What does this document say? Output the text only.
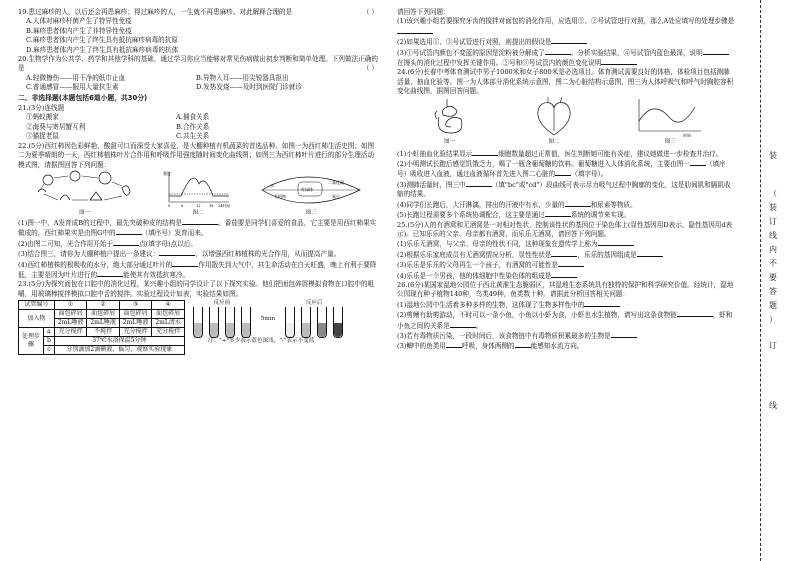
19.患过麻疹的人，以后还会再患麻疹；得过麻疹的人，一生就不再患麻疹。对此解释合理的是	（ ）

A.人体对麻疹杆菌产生了特异性免疫

B.麻疹患者体内产生了非特异性免疫

C.麻疹患者体内产生了终生具有抵抗麻疹病毒的抗原

D.麻疹患者体内产生了终生具有抵抗麻疹病毒的抗体

20.生物学作为公共学、药学和其他学科的基础，通过学习你应当能够对常见伤病做出初步判断和简单处理。下列做法正确的是	（ ）

A.轻微擦伤——用干净的纸巾止血	B.异物入耳——用尖锐器具抠出

C.普通感冒——服用大量抗生素	D.发热发烧——及时到医院门诊就诊

二、非选择题(本题包括6道小题，共30分)

21.(3分)连线题

①蚂蚁搬家
②海葵与寄居蟹互利
③猫捉老鼠
A.捕食关系
B.合作关系
C.共生关系

22.(5分)西红柿因色彩鲜艳、酸甜可口而深受大家喜爱，是大棚种植有机蔬菜的首选品种。如图一为西红柿生活史图；如图二为夏季晴朗的一天，西红柿植株叶片合作用和呼吸作用强度随时间变化曲线图；如图三为西红柿叶片进行的部分生理活动模式图，请据图回答下列问题：

图一
强度
0	6	12 18 24时间
图二
水
叶绿体
二氧化碳
有机物	氧气
图三

(1)图一中，A发育成B的过程中，最先突破种皮的结构是	。番茄要是同学们喜爱的食品，它主要是用西红柿果实做成的，西红柿果实是由图G中的	（填序号）发育而来。

(2)由图二可知，光合作用开始于	点(填字母)点以后。

(3)结合图三，请你为大棚种植户提出一条建议：	，以增强西红柿植株的光合作用，从而提高产量。

(4)西红柿植株的根吸收的水分，绝大部分通过叶片的	作用散失到大气中，其生命活动在白天旺盛，晚上有利于要降低，主要是因为叶片进行的	能使其有效抵抗寒冷。

23.(5分)为探究面包在口腔中的消化过程，某兴趣小组的同学设计了以下探究实验。他们把面包碎屑模拟食物在口腔中的咀嚼，用玻璃棒搅拌模拟口腔中舌的搅拌。实验过程设计如表，实验结果如图。

试管编号		①	②	③	④
加入物		面包碎屑	面包碎屑	面包碎屑	面包碎屑
		2mL唾液	2mL唾液	2mL唾液	2mL清水
处理步骤	a	充分搅拌	不搅拌	充分搅拌	充分搅拌
	b	37℃水浴保温5分钟			
	c	分别滴加2滴碘液，摇匀，观察实验现象			
反应前
5min
反应后
注："+"多少表示蓝色深浅，"-"表示不变蓝

请回答下列问题：

(1)该兴趣小组若要探究牙齿的搅拌对面包的消化作用，应选用①、②号试管进行对照，那么A处应填写的处理步骤是

(2)如果选用①、③号试管进行对照，则提出的假设是

(3)①号试管内颜色不变蓝的原因是淀粉被分解成了	。分析实验结果，④号试管内蓝色最深，说明在馒头的消化过程中发挥关键作用。②号和③号试管内的颜色变化说明

24.(6分)长春中考体育测试中男子1000米和女子800米是必选项目。体育测试需要良好的体格，体检项目包括测肺活量、抽血化验等。图一为人体部分消化系统示意图，图二为心脏结构示意图，图三为人体呼吸气和呼气时胸腔容积变化曲线图，据图回答问题。

图一	图二
时间
图三

(1)小虹抽血化验结果显示	细胞数量超过正常值，医生判断她可能有炎症，建议她做进一步检查并治疗。

(2)小明测试长跑后感觉饥饿乏力，喝了一瓶含葡萄糖的饮料。葡萄糖进入人体消化系统，主要由图一 （填序号）吸收进入血液，通过血液循环首先进入图二心脏的 （填字母）。

(3)测肺活量时，图三中	（填"bc"或"cd"）段曲线可表示尽力吸气过程中胸廓的变化，这是肋间肌和膈肌收缩的结果。

(4)同学们长跑后，大汗淋漓，排出的汗液中有水、少量的	和尿素等物质。

(5)长跑过程需要多个系统协调配合，这主要是通过	系统的调节来实现。

25.(5分)人的有酒窝和无酒窝是一对相对性状，控制该性状的基因位于染色体上(显性基因用D表示，隐性基因用d表示)。已知乐乐的父亲、母亲都有酒窝，而乐乐无酒窝，请回答下列问题。

(1)乐乐无酒窝，与父亲、母亲的性状不同，这种现象在遗传学上称为

(2)根据乐乐家庭成员有无酒窝情况分析，显性性状是	，乐乐的基因组成是

(3)乐乐是乐乐的父母再生一个孩子，有酒窝的可能性是

(4)乐乐是一个男孩，他的体细胞中性染色体的组成是

26.(6分)某国家湿地公园位于西北黄淮生态脆弱区，其湿地生态系统具有独特的保护和科学研究价值。经统计，湿地公园现有种子植物140种，鸟类49种，鱼类数十种。请据此分析回答相关问题：

(1)湿地公园中生活着多种多样的生物，这体现了生物多样性中的

(2)剪鳍有助剪游动，不时可以一条小鱼，小鱼以小虾为食，小虾也水生植物，请写出这条食物链	，虾和小鱼之间的关系是	。

(3)若有毒物质污染，一段时间后，该食物链中有毒物质积累最多的生物是

(3)鲫中的鱼类用 呼吸，身体两侧的 能感知水流方向。

装
（
装
订
线
内
不
要
答
题
）
订
线
